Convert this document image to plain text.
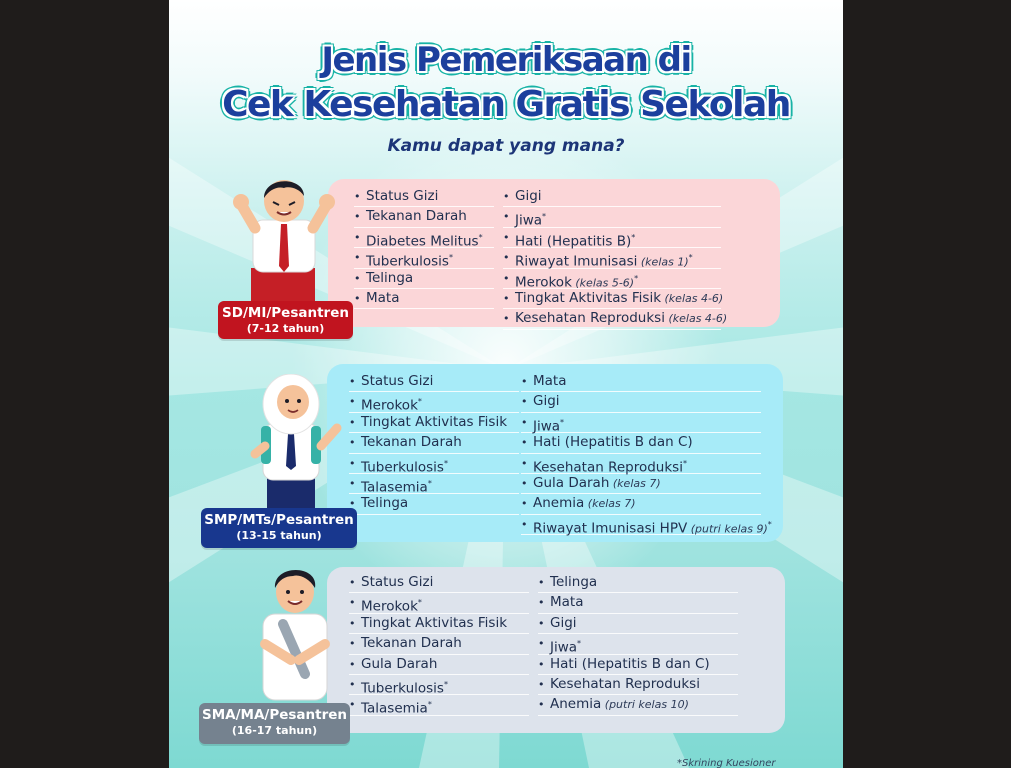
Jenis Pemeriksaan di
Cek Kesehatan Gratis Sekolah
Kamu dapat yang mana?
• Status Gizi
• Tekanan Darah
• Diabetes Melitus*
• Tuberkulosis*
• Telinga
• Mata
• Gigi
• Jiwa*
• Hati (Hepatitis B)*
• Riwayat Imunisasi (kelas 1)*
• Merokok (kelas 5-6)*
• Tingkat Aktivitas Fisik (kelas 4-6)
• Kesehatan Reproduksi (kelas 4-6)
• Status Gizi
• Merokok*
• Tingkat Aktivitas Fisik
• Tekanan Darah
• Tuberkulosis*
• Talasemia*
• Telinga
• Mata
• Gigi
• Jiwa*
• Hati (Hepatitis B dan C)
• Kesehatan Reproduksi*
• Gula Darah (kelas 7)
• Anemia (kelas 7)
• Riwayat Imunisasi HPV (putri kelas 9)*
• Status Gizi
• Merokok*
• Tingkat Aktivitas Fisik
• Tekanan Darah
• Gula Darah
• Tuberkulosis*
• Talasemia*
• Telinga
• Mata
• Gigi
• Jiwa*
• Hati (Hepatitis B dan C)
• Kesehatan Reproduksi
• Anemia (putri kelas 10)
SD/MI/Pesantren
(7-12 tahun)
SMP/MTs/Pesantren
(13-15 tahun)
SMA/MA/Pesantren
(16-17 tahun)
*Skrining Kuesioner
